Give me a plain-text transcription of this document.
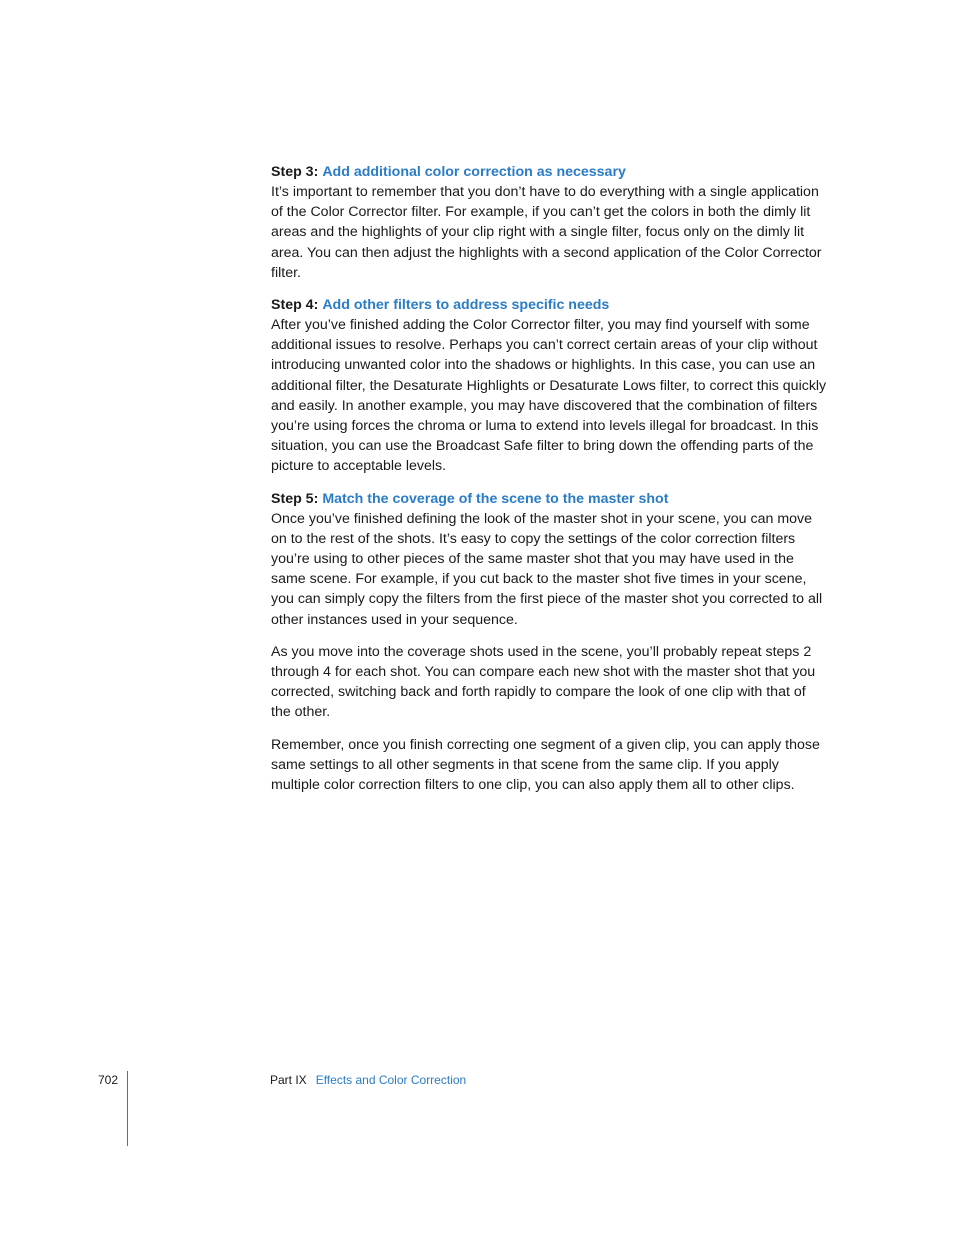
Step 3: Add additional color correction as necessary

It’s important to remember that you don’t have to do everything with a single application of the Color Corrector filter. For example, if you can’t get the colors in both the dimly lit areas and the highlights of your clip right with a single filter, focus only on the dimly lit area. You can then adjust the highlights with a second application of the Color Corrector filter.

Step 4: Add other filters to address specific needs

After you’ve finished adding the Color Corrector filter, you may find yourself with some additional issues to resolve. Perhaps you can’t correct certain areas of your clip without introducing unwanted color into the shadows or highlights. In this case, you can use an additional filter, the Desaturate Highlights or Desaturate Lows filter, to correct this quickly and easily. In another example, you may have discovered that the combination of filters you’re using forces the chroma or luma to extend into levels illegal for broadcast. In this situation, you can use the Broadcast Safe filter to bring down the offending parts of the picture to acceptable levels.

Step 5: Match the coverage of the scene to the master shot

Once you’ve finished defining the look of the master shot in your scene, you can move on to the rest of the shots. It’s easy to copy the settings of the color correction filters you’re using to other pieces of the same master shot that you may have used in the same scene. For example, if you cut back to the master shot five times in your scene, you can simply copy the filters from the first piece of the master shot you corrected to all other instances used in your sequence.

As you move into the coverage shots used in the scene, you’ll probably repeat steps 2 through 4 for each shot. You can compare each new shot with the master shot that you corrected, switching back and forth rapidly to compare the look of one clip with that of the other.

Remember, once you finish correcting one segment of a given clip, you can apply those same settings to all other segments in that scene from the same clip. If you apply multiple color correction filters to one clip, you can also apply them all to other clips.

702	Part IX Effects and Color Correction
